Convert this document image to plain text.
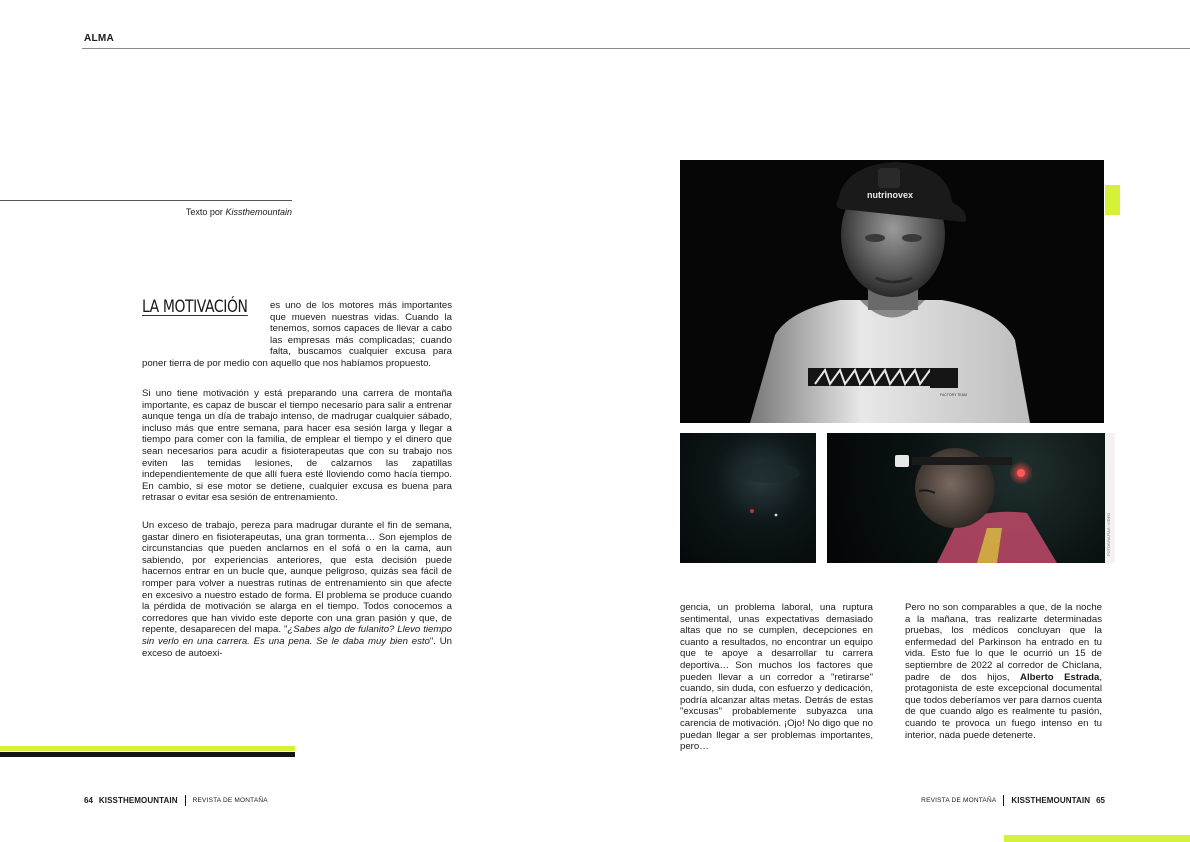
ALMA
Texto por Kissthemountain
LA MOTIVACIÓN	es uno de los motores más importantes que mueven nuestras vidas. Cuando la tenemos, somos capaces de llevar a cabo las empresas más complicadas; cuando falta, buscamos cualquier excusa para poner tierra de por medio con aquello que nos habíamos propuesto.

Si uno tiene motivación y está preparando una carrera de montaña importante, es capaz de buscar el tiempo necesario para salir a entrenar aunque tenga un día de trabajo intenso, de madrugar cualquier sábado, incluso más que entre semana, para hacer esa sesión larga y llegar a tiempo para comer con la familia, de emplear el tiempo y el dinero que sean necesarios para acudir a fisioterapeutas que con su trabajo nos eviten las temidas lesiones, de calzarnos las zapatillas independientemente de que allí fuera esté lloviendo como hacía tiempo. En cambio, si ese motor se detiene, cualquier excusa es buena para retrasar o evitar esa sesión de entrenamiento.

Un exceso de trabajo, pereza para madrugar durante el fin de semana, gastar dinero en fisioterapeutas, una gran tormenta… Son ejemplos de circunstancias que pueden anclarnos en el sofá o en la cama, aun sabiendo, por experiencias anteriores, que esta decisión puede hacernos entrar en un bucle que, aunque peligroso, quizás sea fácil de romper para volver a nuestras rutinas de entrenamiento sin que afecte en excesivo a nuestro estado de forma. El problema se produce cuando la pérdida de motivación se alarga en el tiempo. Todos conocemos a corredores que han vivido este deporte con una gran pasión y que, de repente, desaparecen del mapa. "¿Sabes algo de fulanito? Llevo tiempo sin verlo en una carrera. Es una pena. Se le daba muy bien esto". Un exceso de autoexi-

nutrinovex
FACTORY TEAM
FOTOGRAFÍAS: VIDEO

gencia, un problema laboral, una ruptura sentimental, unas expectativas demasiado altas que no se cumplen, decepciones en cuanto a resultados, no encontrar un equipo que te apoye a desarrollar tu carrera deportiva… Son muchos los factores que pueden llevar a un corredor a "retirarse" cuando, sin duda, con esfuerzo y dedicación, podría alcanzar altas metas. Detrás de estas "excusas" probablemente subyazca una carencia de motivación. ¡Ojo! No digo que no puedan llegar a ser problemas importantes, pero…

Pero no son comparables a que, de la noche a la mañana, tras realizarte determinadas pruebas, los médicos concluyan que la enfermedad del Parkinson ha entrado en tu vida. Esto fue lo que le ocurrió un 15 de septiembre de 2022 al corredor de Chiclana, padre de dos hijos, Alberto Estrada, protagonista de este excepcional documental que todos deberíamos ver para darnos cuenta de que cuando algo es realmente tu pasión, cuando te provoca un fuego intenso en tu interior, nada puede detenerte.

64 KISSTHEMOUNTAIN REVISTA DE MONTAÑA	REVISTA DE MONTAÑA KISSTHEMOUNTAIN 65
